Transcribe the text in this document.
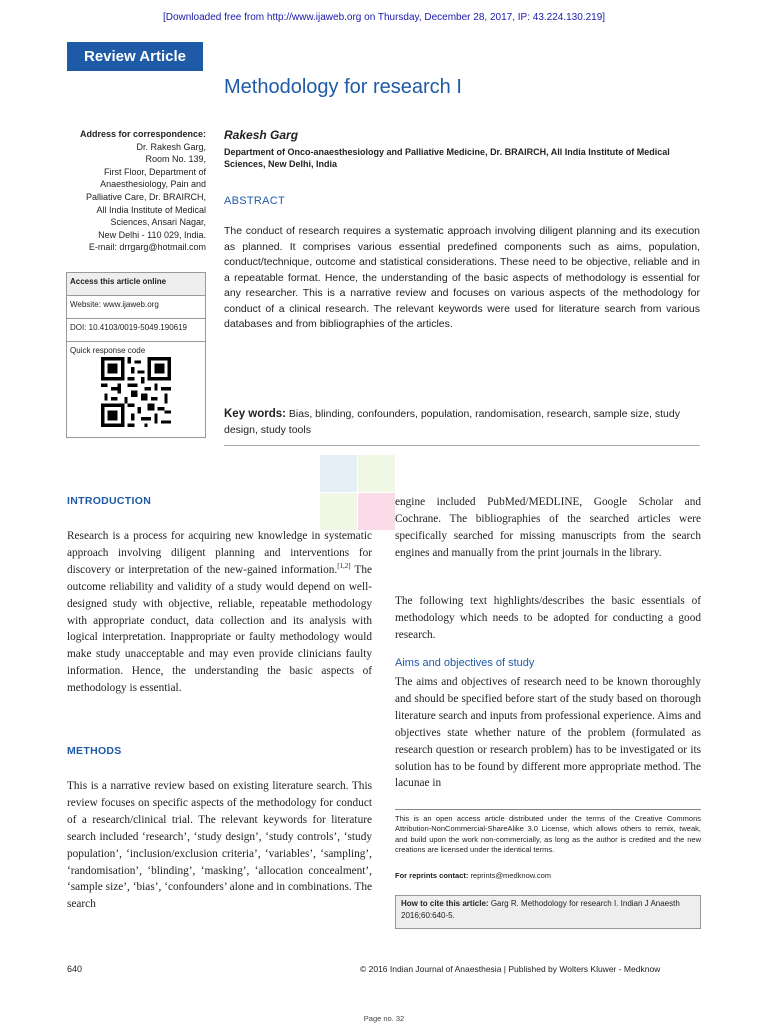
[Downloaded free from http://www.ijaweb.org on Thursday, December 28, 2017, IP: 43.224.130.219]
Review Article
Methodology for research I
Address for correspondence:
Dr. Rakesh Garg,
Room No. 139,
First Floor, Department of
Anaesthesiology, Pain and
Palliative Care, Dr. BRAIRCH,
All India Institute of Medical
Sciences, Ansari Nagar,
New Delhi - 110 029, India.
E-mail: drrgarg@hotmail.com
Access this article online
Website: www.ijaweb.org
DOI: 10.4103/0019-5049.190619
Quick response code
Rakesh Garg
Department of Onco-anaesthesiology and Palliative Medicine, Dr. BRAIRCH, All India Institute of Medical Sciences, New Delhi, India
ABSTRACT
The conduct of research requires a systematic approach involving diligent planning and its execution as planned. It comprises various essential predefined components such as aims, population, conduct/technique, outcome and statistical considerations. These need to be objective, reliable and in a repeatable format. Hence, the understanding of the basic aspects of methodology is essential for any researcher. This is a narrative review and focuses on various aspects of the methodology for conduct of a clinical research. The relevant keywords were used for literature search from various databases and from bibliographies of the articles.
Key words: Bias, blinding, confounders, population, randomisation, research, sample size, study design, study tools
INTRODUCTION
Research is a process for acquiring new knowledge in systematic approach involving diligent planning and interventions for discovery or interpretation of the new-gained information.[1,2] The outcome reliability and validity of a study would depend on well-designed study with objective, reliable, repeatable methodology with appropriate conduct, data collection and its analysis with logical interpretation. Inappropriate or faulty methodology would make study unacceptable and may even provide clinicians faulty information. Hence, the understanding the basic aspects of methodology is essential.
METHODS
This is a narrative review based on existing literature search. This review focuses on specific aspects of the methodology for conduct of a research/clinical trial. The relevant keywords for literature search included ‘research’, ‘study design’, ‘study controls’, ‘study population’, ‘inclusion/exclusion criteria’, ‘variables’, ‘sampling’, ‘randomisation’, ‘blinding’, ‘masking’, ‘allocation concealment’, ‘sample size’, ‘bias’, ‘confounders’ alone and in combinations. The search
engine included PubMed/MEDLINE, Google Scholar and Cochrane. The bibliographies of the searched articles were specifically searched for missing manuscripts from the search engines and manually from the print journals in the library.
The following text highlights/describes the basic essentials of methodology which needs to be adopted for conducting a good research.
Aims and objectives of study
The aims and objectives of research need to be known thoroughly and should be specified before start of the study based on thorough literature search and inputs from professional experience. Aims and objectives state whether nature of the problem (formulated as research question or research problem) has to be investigated or its solution has to be found by different more appropriate method. The lacunae in
This is an open access article distributed under the terms of the Creative Commons Attribution-NonCommercial-ShareAlike 3.0 License, which allows others to remix, tweak, and build upon the work non-commercially, as long as the author is credited and the new creations are licensed under the identical terms.
For reprints contact: reprints@medknow.com
How to cite this article: Garg R. Methodology for research I. Indian J Anaesth 2016;60:640-5.
640	© 2016 Indian Journal of Anaesthesia | Published by Wolters Kluwer - Medknow
Page no. 32
